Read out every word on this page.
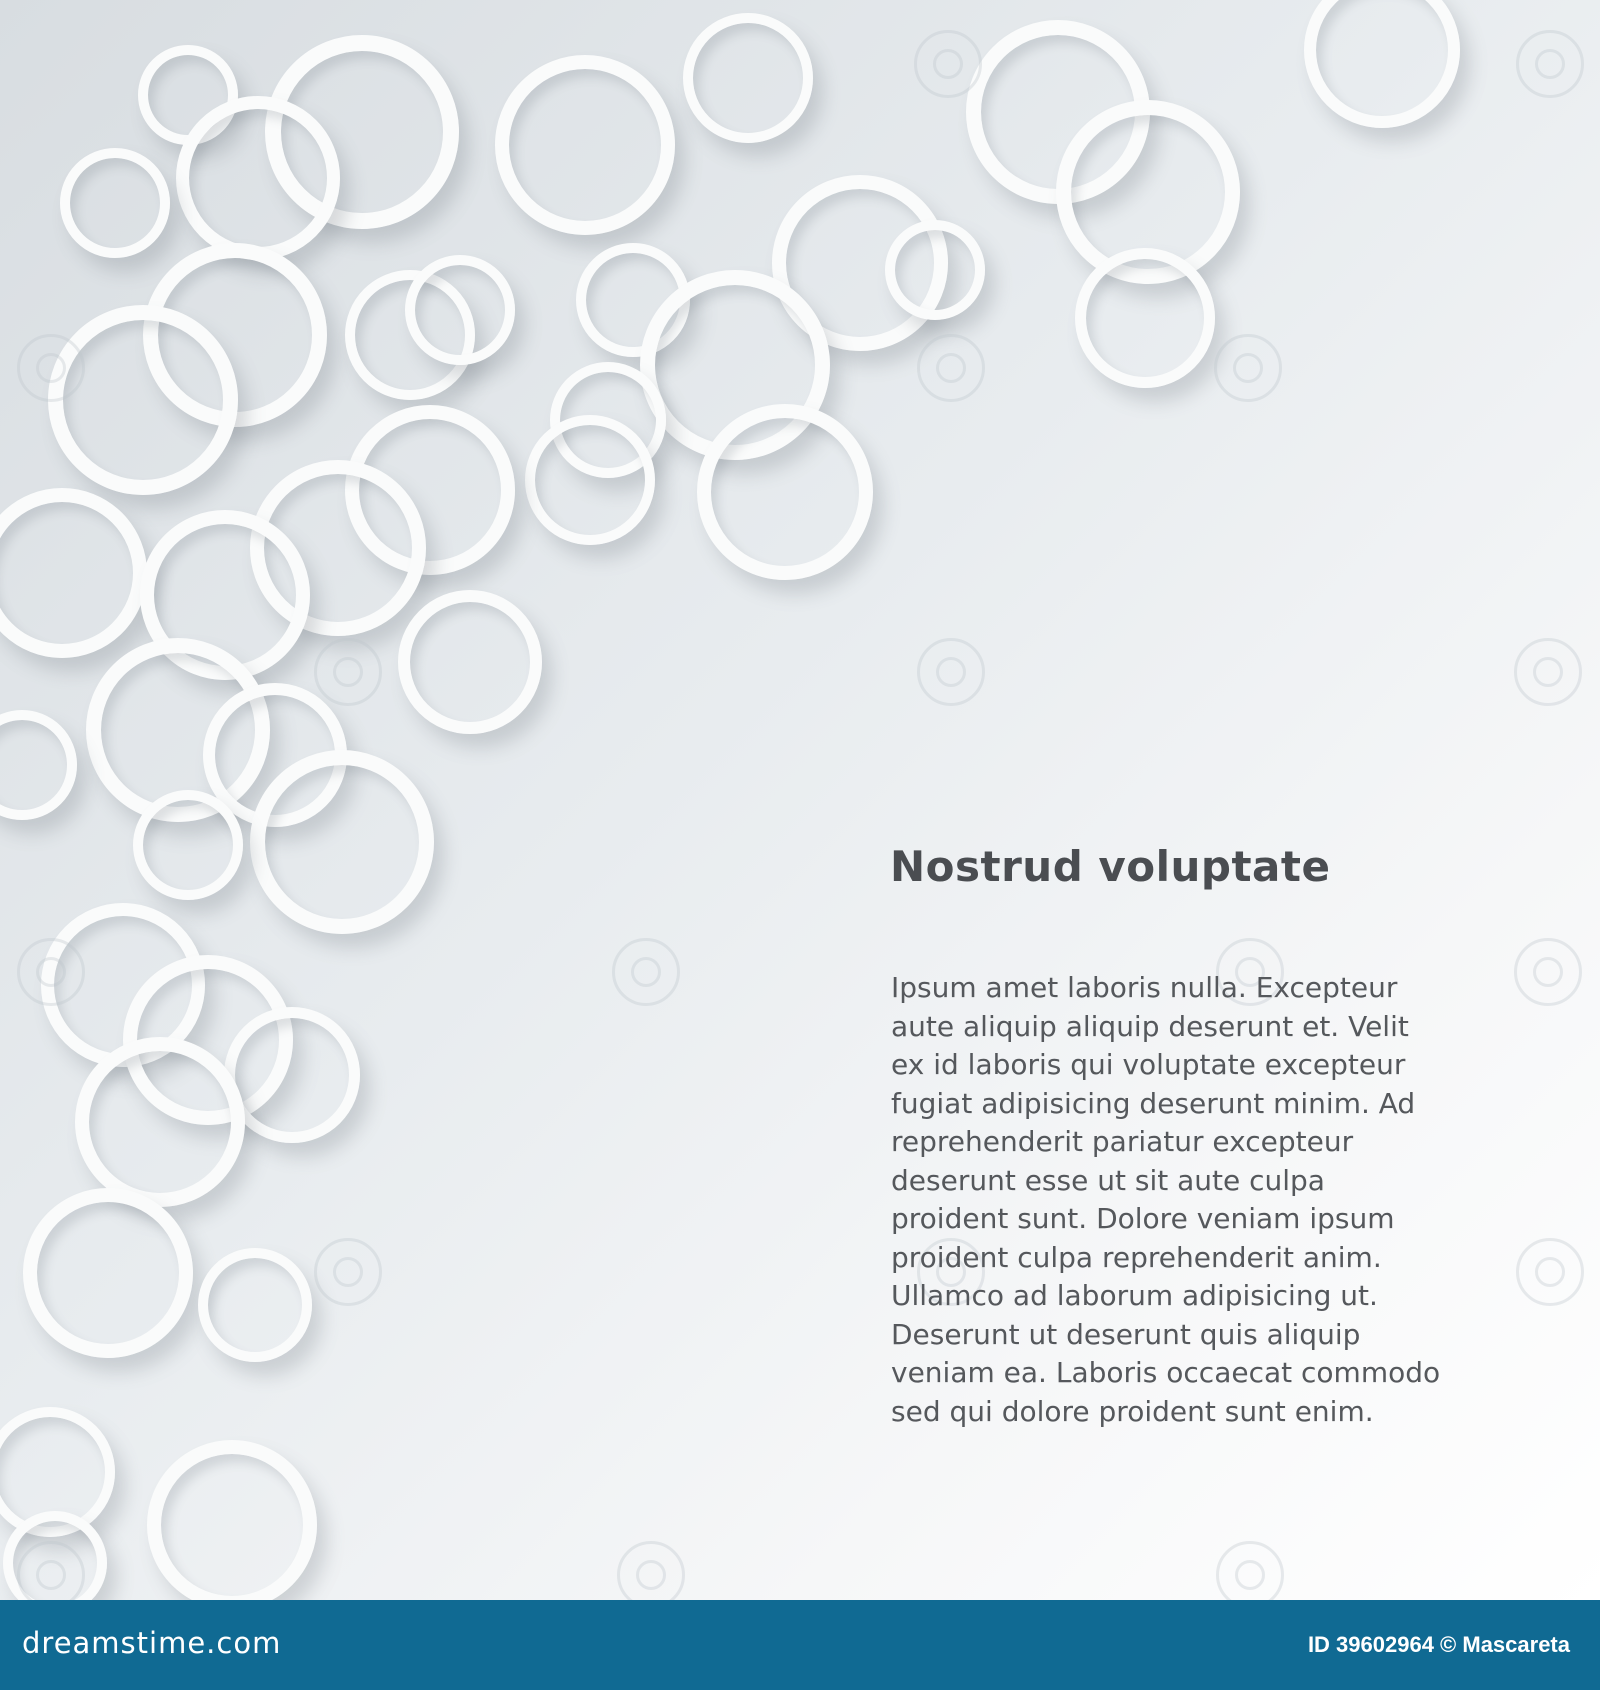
Nostrud voluptate

Ipsum amet laboris nulla. Excepteur aute aliquip aliquip deserunt et. Velit ex id laboris qui voluptate excepteur fugiat adipisicing deserunt minim. Ad reprehenderit pariatur excepteur deserunt esse ut sit aute culpa proident sunt. Dolore veniam ipsum proident culpa reprehenderit anim. Ullamco ad laborum adipisicing ut. Deserunt ut deserunt quis aliquip veniam ea. Laboris occaecat commodo sed qui dolore proident sunt enim.

dreamstime.com	ID 39602964 © Mascareta
